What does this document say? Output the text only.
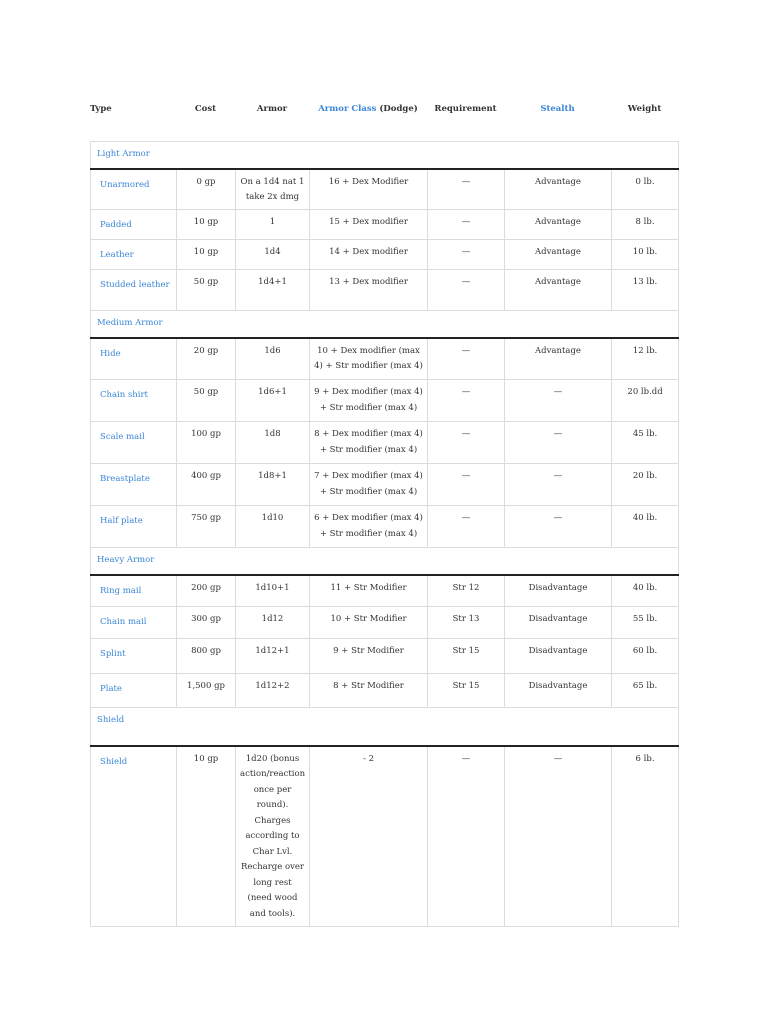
Type	Cost	Armor	Armor Class (Dodge)	Requirement	Stealth	Weight
Light Armor						
Unarmored	0 gp	On a 1d4 nat 1 take 2x dmg	16 + Dex Modifier	—	Advantage	0 lb.
Padded	10 gp	1	15 + Dex modifier	—	Advantage	8 lb.
Leather	10 gp	1d4	14 + Dex modifier	—	Advantage	10 lb.
Studded leather	50 gp	1d4+1	13 + Dex modifier	—	Advantage	13 lb.
Medium Armor						
Hide	20 gp	1d6	10 + Dex modifier (max 4) + Str modifier (max 4)	—	Advantage	12 lb.
Chain shirt	50 gp	1d6+1	9 + Dex modifier (max 4) + Str modifier (max 4)	—	—	20 lb.dd
Scale mail	100 gp	1d8	8 + Dex modifier (max 4) + Str modifier (max 4)	—	—	45 lb.
Breastplate	400 gp	1d8+1	7 + Dex modifier (max 4) + Str modifier (max 4)	—	—	20 lb.
Half plate	750 gp	1d10	6 + Dex modifier (max 4) + Str modifier (max 4)	—	—	40 lb.
Heavy Armor						
Ring mail	200 gp	1d10+1	11 + Str Modifier	Str 12	Disadvantage	40 lb.
Chain mail	300 gp	1d12	10 + Str Modifier	Str 13	Disadvantage	55 lb.
Splint	800 gp	1d12+1	9 + Str Modifier	Str 15	Disadvantage	60 lb.
Plate	1,500 gp	1d12+2	8 + Str Modifier	Str 15	Disadvantage	65 lb.
Shield						
Shield	10 gp	1d20 (bonus action/reaction once per round). Charges according to Char Lvl. Recharge over long rest (need wood and tools).	- 2	—	—	6 lb.
